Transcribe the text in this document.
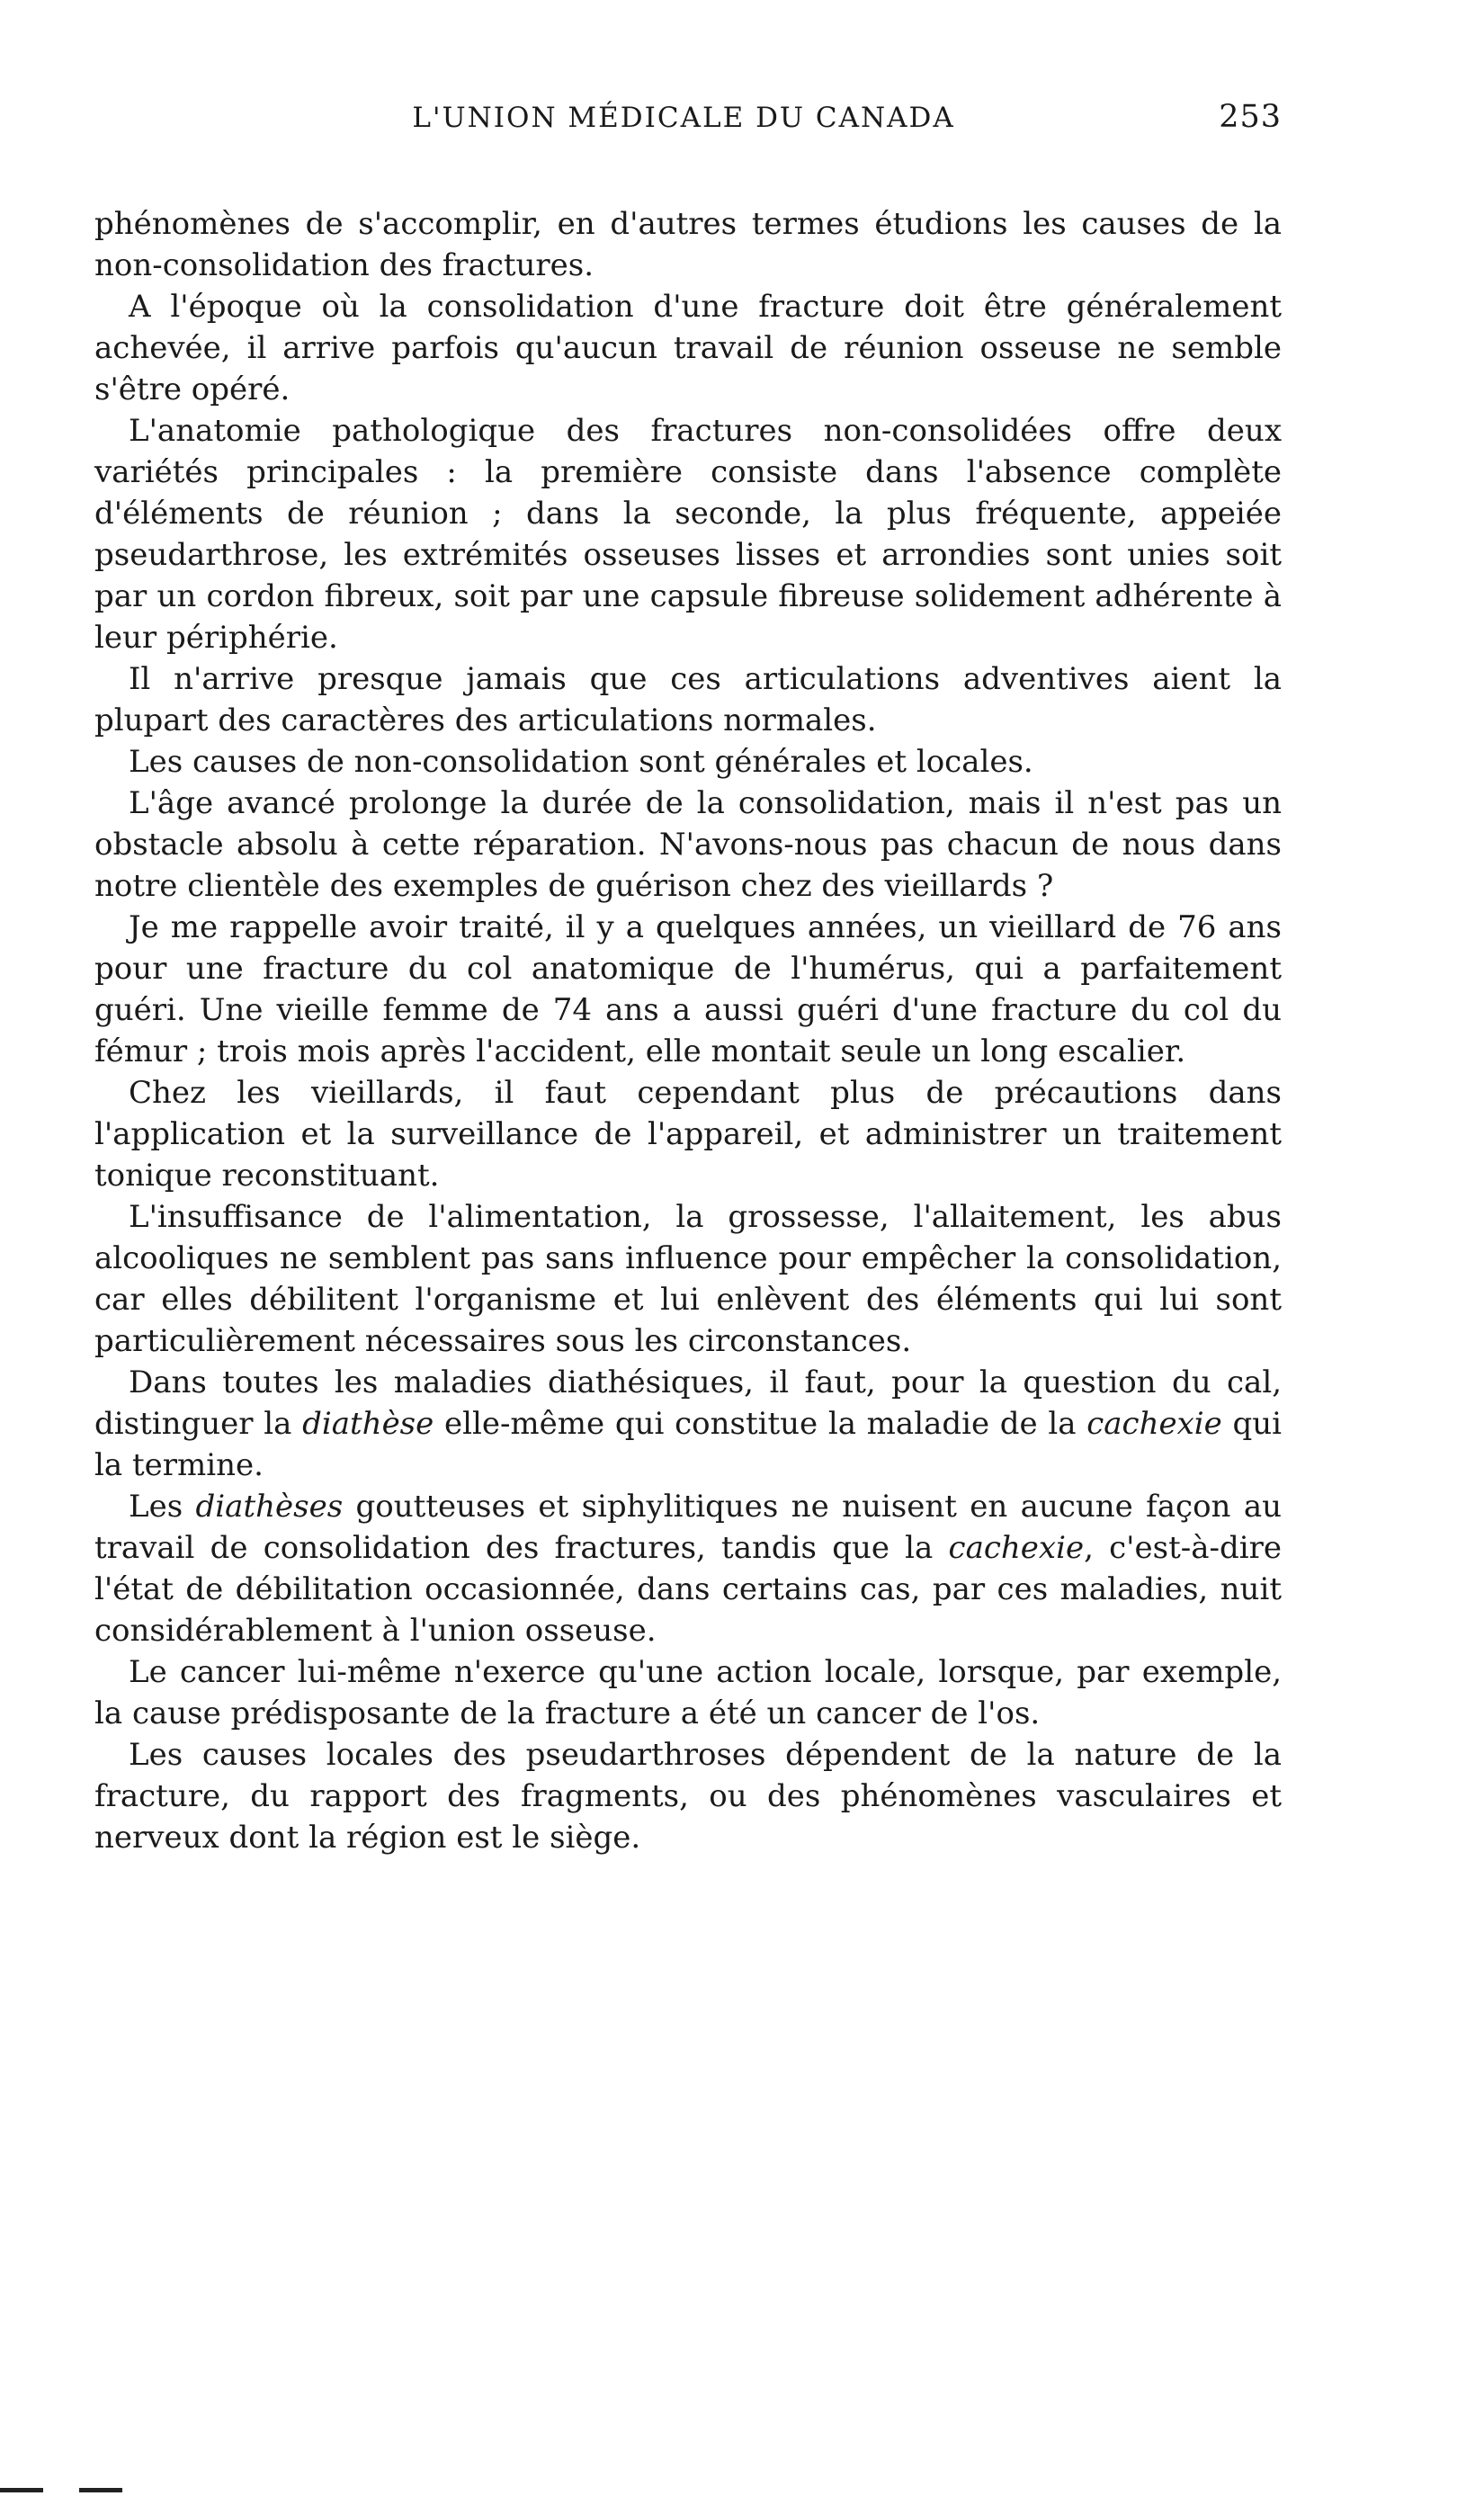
L'UNION MÉDICALE DU CANADA	253

phénomènes de s'accomplir, en d'autres termes étudions les causes de la non-consolidation des fractures.

A l'époque où la consolidation d'une fracture doit être généralement achevée, il arrive parfois qu'aucun travail de réunion osseuse ne semble s'être opéré.

L'anatomie pathologique des fractures non-consolidées offre deux variétés principales : la première consiste dans l'absence complète d'éléments de réunion ; dans la seconde, la plus fréquente, appeiée pseudarthrose, les extrémités osseuses lisses et arrondies sont unies soit par un cordon fibreux, soit par une capsule fibreuse solidement adhérente à leur périphérie.

Il n'arrive presque jamais que ces articulations adventives aient la plupart des caractères des articulations normales.

Les causes de non-consolidation sont générales et locales.

L'âge avancé prolonge la durée de la consolidation, mais il n'est pas un obstacle absolu à cette réparation. N'avons-nous pas chacun de nous dans notre clientèle des exemples de guérison chez des vieillards ?

Je me rappelle avoir traité, il y a quelques années, un vieillard de 76 ans pour une fracture du col anatomique de l'humérus, qui a parfaitement guéri. Une vieille femme de 74 ans a aussi guéri d'une fracture du col du fémur ; trois mois après l'accident, elle montait seule un long escalier.

Chez les vieillards, il faut cependant plus de précautions dans l'application et la surveillance de l'appareil, et administrer un traitement tonique reconstituant.

L'insuffisance de l'alimentation, la grossesse, l'allaitement, les abus alcooliques ne semblent pas sans influence pour empêcher la consolidation, car elles débilitent l'organisme et lui enlèvent des éléments qui lui sont particulièrement nécessaires sous les circonstances.

Dans toutes les maladies diathésiques, il faut, pour la question du cal, distinguer la diathèse elle-même qui constitue la maladie de la cachexie qui la termine.

Les diathèses goutteuses et siphylitiques ne nuisent en aucune façon au travail de consolidation des fractures, tandis que la cachexie, c'est-à-dire l'état de débilitation occasionnée, dans certains cas, par ces maladies, nuit considérablement à l'union osseuse.

Le cancer lui-même n'exerce qu'une action locale, lorsque, par exemple, la cause prédisposante de la fracture a été un cancer de l'os.

Les causes locales des pseudarthroses dépendent de la nature de la fracture, du rapport des fragments, ou des phénomènes vasculaires et nerveux dont la région est le siège.
